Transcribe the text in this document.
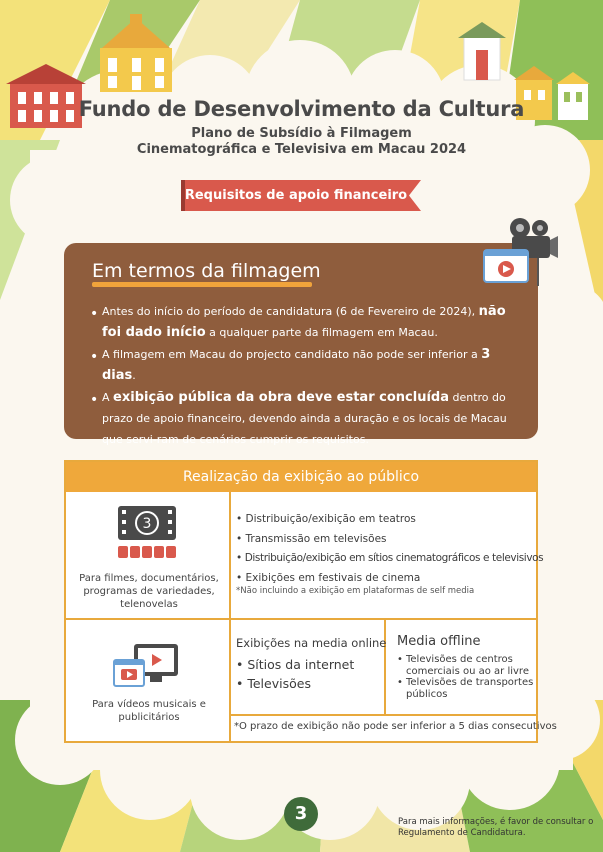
Fundo de Desenvolvimento da Cultura
Plano de Subsídio à Filmagem
Cinematográfica e Televisiva em Macau 2024
Requisitos de apoio financeiro
Em termos da filmagem
• Antes do início do período de candidatura (6 de Fevereiro de 2024), não foi dado início a qualquer parte da filmagem em Macau.
• A filmagem em Macau do projecto candidato não pode ser inferior a 3 dias.
• A exibição pública da obra deve estar concluída dentro do prazo de apoio financeiro, devendo ainda a duração e os locais de Macau que servi-ram de cenários cumprir os requisitos.
Realização da exibição ao público
3
Para filmes, documentários, programas de variedades, telenovelas
• Distribuição/exibição em teatros
• Transmissão em televisões
• Distribuição/exibição em sítios cinematográficos e televisivos
• Exibições em festivais de cinema
*Não incluindo a exibição em plataformas de self media
Para vídeos musicais e publicitários
Exibições na media online
• Sítios da internet
• Televisões
Media offline
• Televisões de centros comerciais ou ao ar livre
• Televisões de transportes públicos
*O prazo de exibição não pode ser inferior a 5 dias consecutivos
3	Para mais informações, é favor de consultar o Regulamento de Candidatura.
